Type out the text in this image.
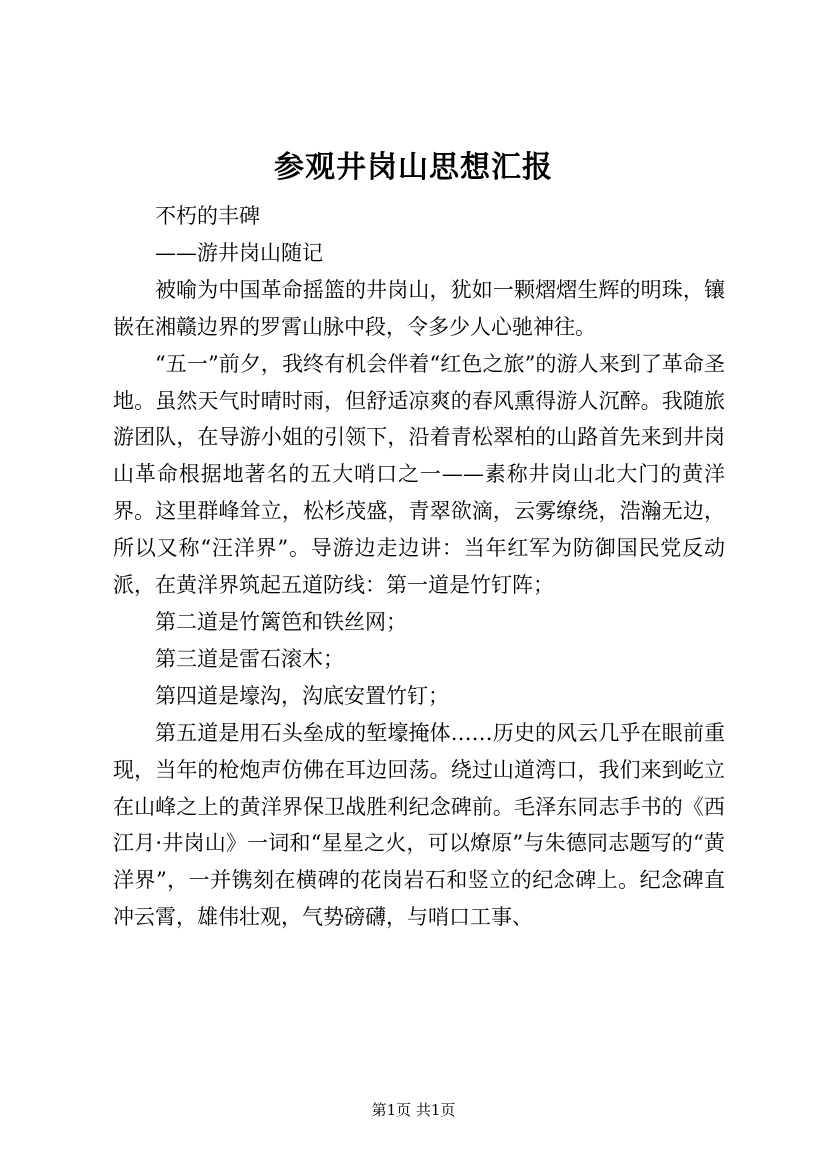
参观井岗山思想汇报

不朽的丰碑

——游井岗山随记

被喻为中国革命摇篮的井岗山，犹如一颗熠熠生辉的明珠，镶嵌在湘赣边界的罗霄山脉中段，令多少人心驰神往。

“五一”前夕，我终有机会伴着“红色之旅”的游人来到了革命圣地。虽然天气时晴时雨，但舒适凉爽的春风熏得游人沉醉。我随旅游团队，在导游小姐的引领下，沿着青松翠柏的山路首先来到井岗山革命根据地著名的五大哨口之一——素称井岗山北大门的黄洋界。这里群峰耸立，松杉茂盛，青翠欲滴，云雾缭绕，浩瀚无边，所以又称“汪洋界”。导游边走边讲：当年红军为防御国民党反动派，在黄洋界筑起五道防线：第一道是竹钉阵；

第二道是竹篱笆和铁丝网；

第三道是雷石滚木；

第四道是壕沟，沟底安置竹钉；

第五道是用石头垒成的堑壕掩体……历史的风云几乎在眼前重现，当年的枪炮声仿佛在耳边回荡。绕过山道湾口，我们来到屹立在山峰之上的黄洋界保卫战胜利纪念碑前。毛泽东同志手书的《西江月·井岗山》一词和“星星之火，可以燎原”与朱德同志题写的“黄洋界”，一并镌刻在横碑的花岗岩石和竖立的纪念碑上。纪念碑直冲云霄，雄伟壮观，气势磅礴，与哨口工事、

第1页 共1页
